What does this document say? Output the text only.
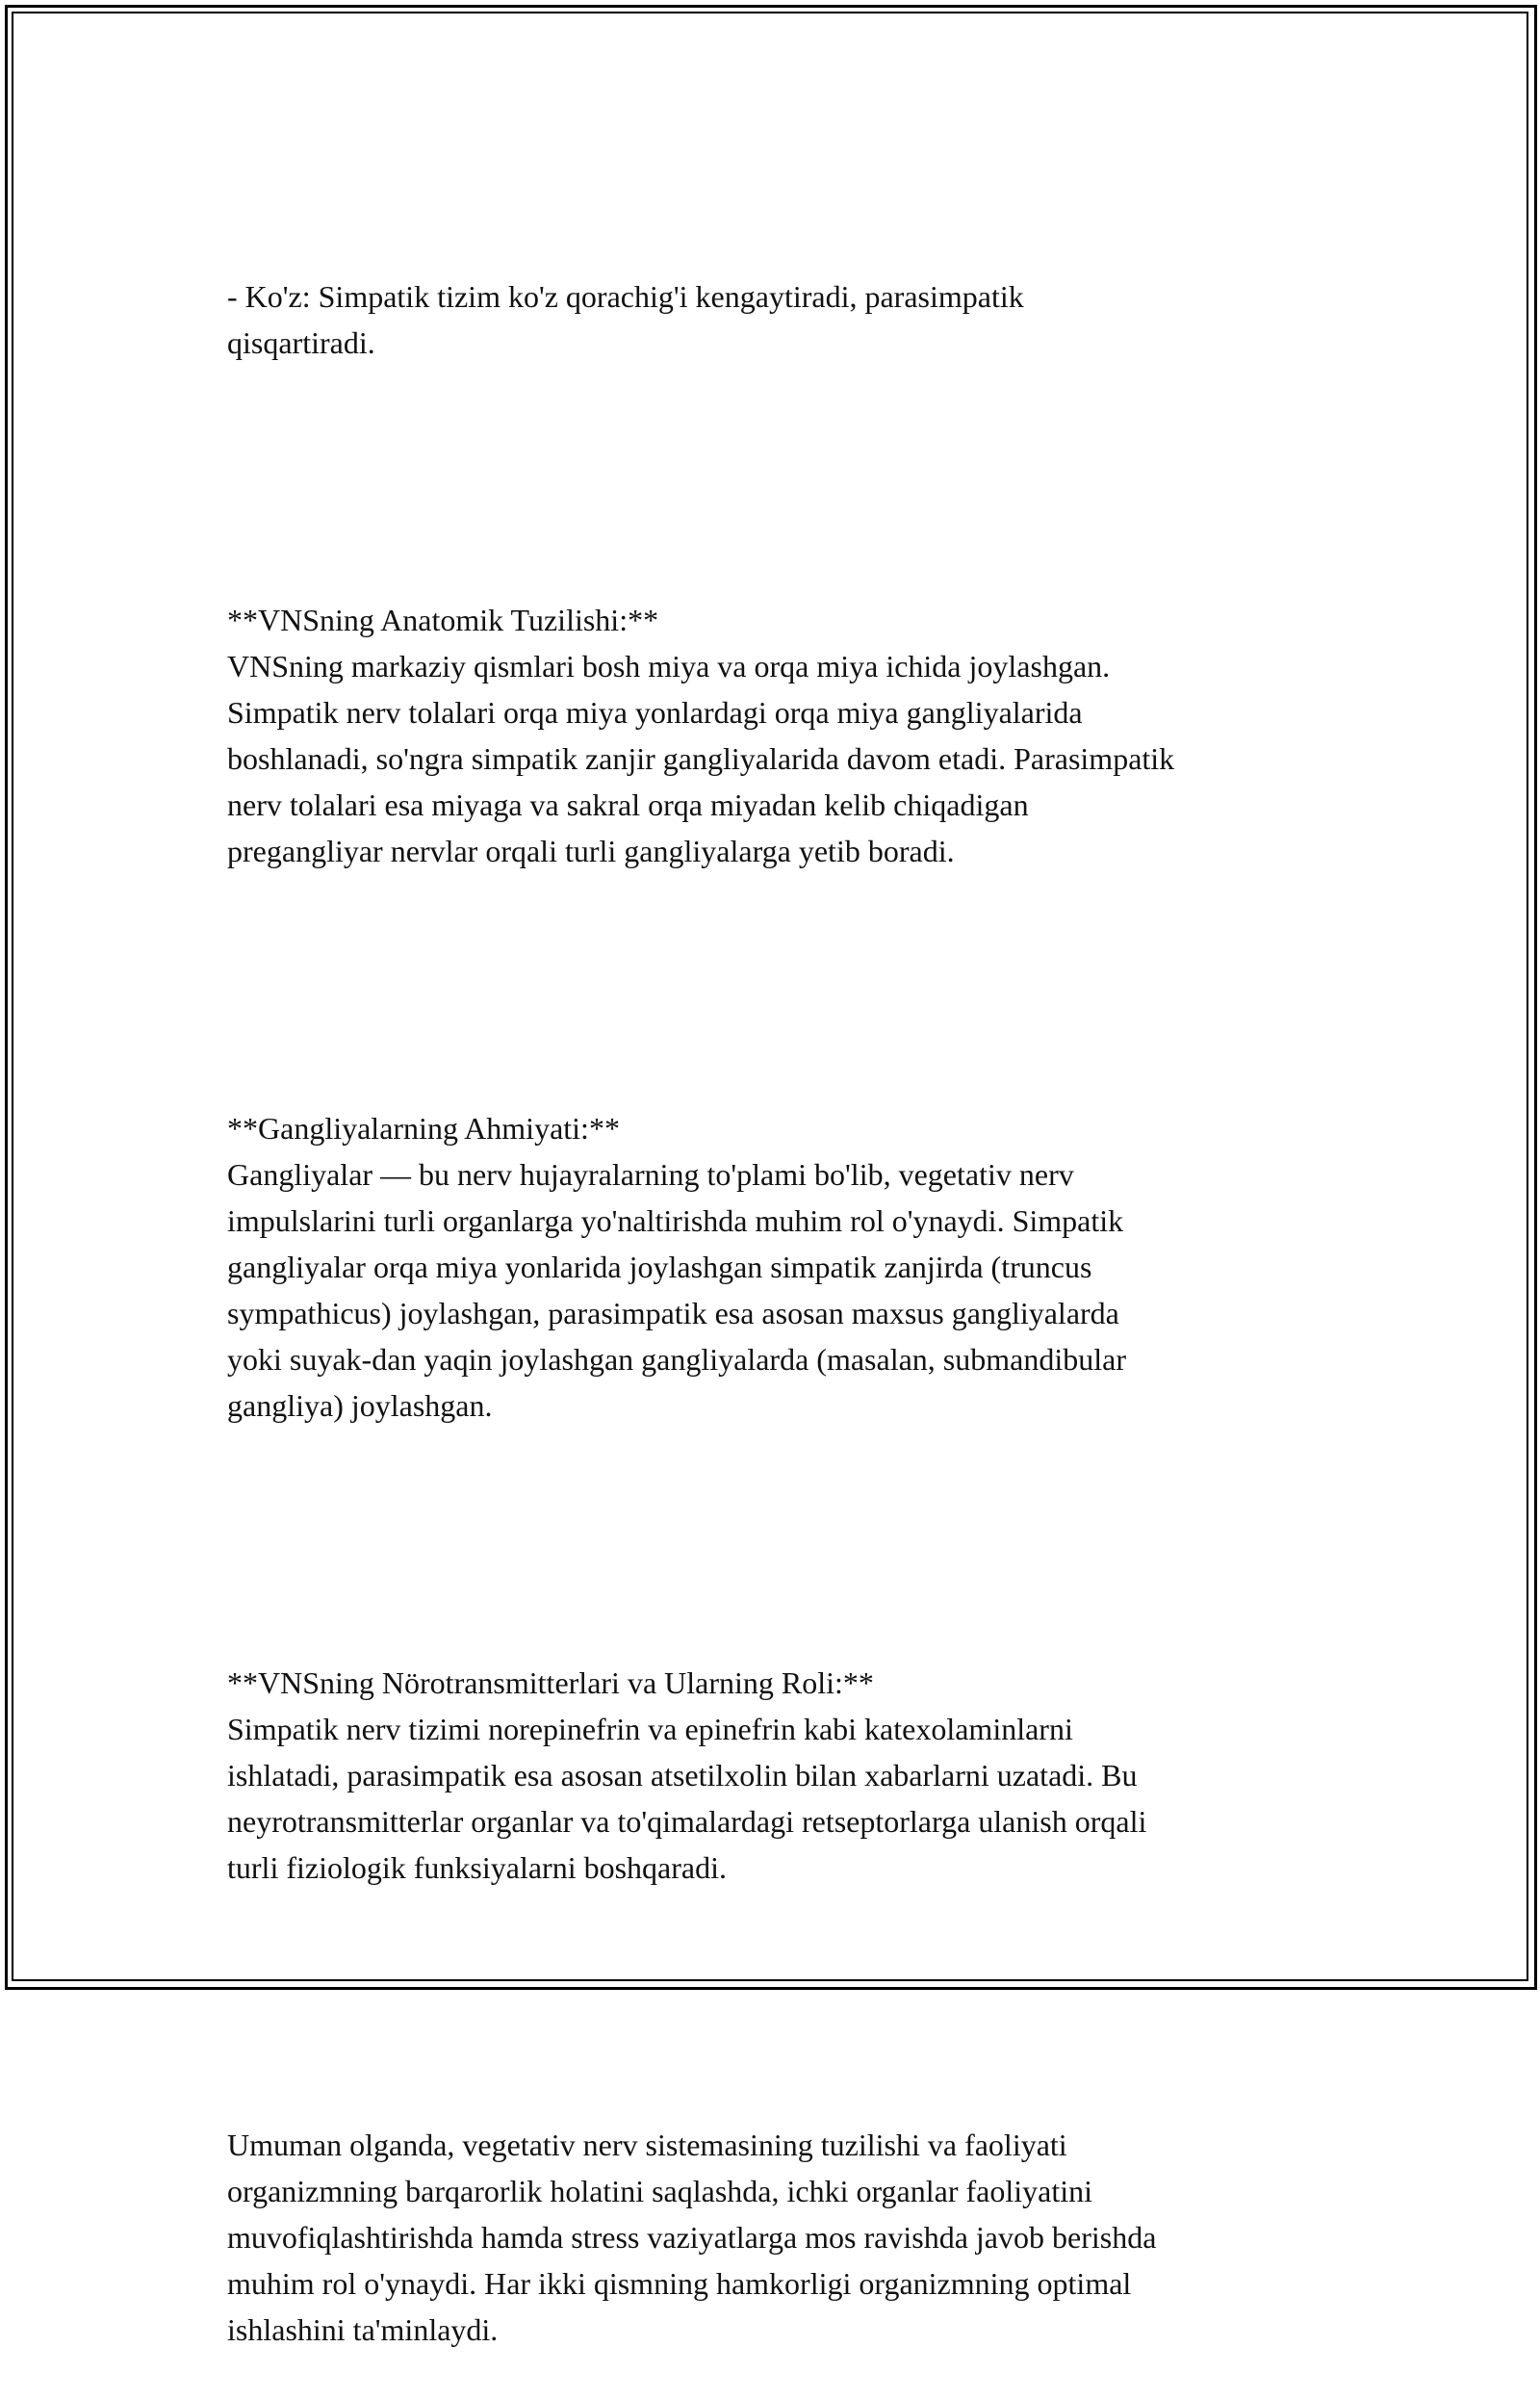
- Ko'z: Simpatik tizim ko'z qorachig'i kengaytiradi, parasimpatik
qisqartiradi.

**VNSning Anatomik Tuzilishi:**
VNSning markaziy qismlari bosh miya va orqa miya ichida joylashgan.
Simpatik nerv tolalari orqa miya yonlardagi orqa miya gangliyalarida
boshlanadi, so'ngra simpatik zanjir gangliyalarida davom etadi. Parasimpatik
nerv tolalari esa miyaga va sakral orqa miyadan kelib chiqadigan
pregangliyar nervlar orqali turli gangliyalarga yetib boradi.

**Gangliyalarning Ahmiyati:**
Gangliyalar — bu nerv hujayralarning to'plami bo'lib, vegetativ nerv
impulslarini turli organlarga yo'naltirishda muhim rol o'ynaydi. Simpatik
gangliyalar orqa miya yonlarida joylashgan simpatik zanjirda (truncus
sympathicus) joylashgan, parasimpatik esa asosan maxsus gangliyalarda
yoki suyak-dan yaqin joylashgan gangliyalarda (masalan, submandibular
gangliya) joylashgan.

**VNSning Nörotransmitterlari va Ularning Roli:**
Simpatik nerv tizimi norepinefrin va epinefrin kabi katexolaminlarni
ishlatadi, parasimpatik esa asosan atsetilxolin bilan xabarlarni uzatadi. Bu
neyrotransmitterlar organlar va to'qimalardagi retseptorlarga ulanish orqali
turli fiziologik funksiyalarni boshqaradi.

Umuman olganda, vegetativ nerv sistemasining tuzilishi va faoliyati
organizmning barqarorlik holatini saqlashda, ichki organlar faoliyatini
muvofiqlashtirishda hamda stress vaziyatlarga mos ravishda javob berishda
muhim rol o'ynaydi. Har ikki qismning hamkorligi organizmning optimal
ishlashini ta'minlaydi.
